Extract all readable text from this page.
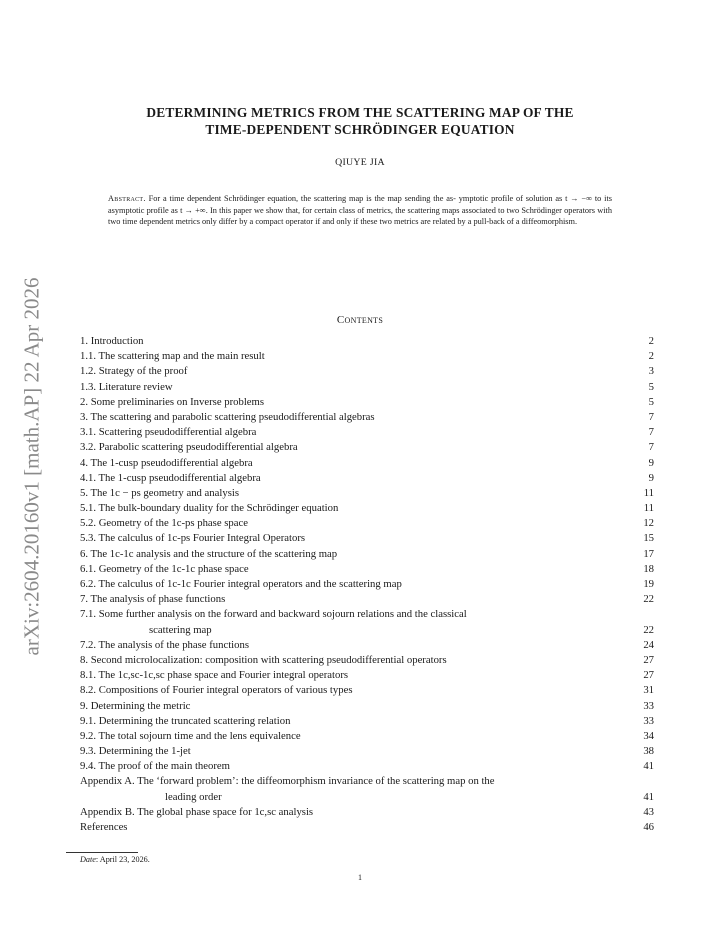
arXiv:2604.20160v1 [math.AP] 22 Apr 2026
DETERMINING METRICS FROM THE SCATTERING MAP OF THE
TIME-DEPENDENT SCHRÖDINGER EQUATION
QIUYE JIA
Abstract. For a time dependent Schrödinger equation, the scattering map is the map sending the as- ymptotic profile of solution as t → −∞ to its asymptotic profile as t → +∞. In this paper we show that, for certain class of metrics, the scattering maps associated to two Schrödinger operators with two time dependent metrics only differ by a compact operator if and only if these two metrics are related by a pull-back of a diffeomorphism.
Contents
1. Introduction	2
1.1. The scattering map and the main result	2
1.2. Strategy of the proof	3
1.3. Literature review	5
2. Some preliminaries on Inverse problems	5
3. The scattering and parabolic scattering pseudodifferential algebras	7
3.1. Scattering pseudodifferential algebra	7
3.2. Parabolic scattering pseudodifferential algebra	7
4. The 1-cusp pseudodifferential algebra	9
4.1. The 1-cusp pseudodifferential algebra	9
5. The 1c − ps geometry and analysis	11
5.1. The bulk-boundary duality for the Schrödinger equation	11
5.2. Geometry of the 1c-ps phase space	12
5.3. The calculus of 1c-ps Fourier Integral Operators	15
6. The 1c-1c analysis and the structure of the scattering map	17
6.1. Geometry of the 1c-1c phase space	18
6.2. The calculus of 1c-1c Fourier integral operators and the scattering map	19
7. The analysis of phase functions	22
7.1. Some further analysis on the forward and backward sojourn relations and the classical
scattering map	22
7.2. The analysis of the phase functions	24
8. Second microlocalization: composition with scattering pseudodifferential operators	27
8.1. The 1c,sc-1c,sc phase space and Fourier integral operators	27
8.2. Compositions of Fourier integral operators of various types	31
9. Determining the metric	33
9.1. Determining the truncated scattering relation	33
9.2. The total sojourn time and the lens equivalence	34
9.3. Determining the 1-jet	38
9.4. The proof of the main theorem	41
Appendix A. The ‘forward problem’: the diffeomorphism invariance of the scattering map on the
leading order	41
Appendix B. The global phase space for 1c,sc analysis	43
References	46
Date: April 23, 2026.
1
